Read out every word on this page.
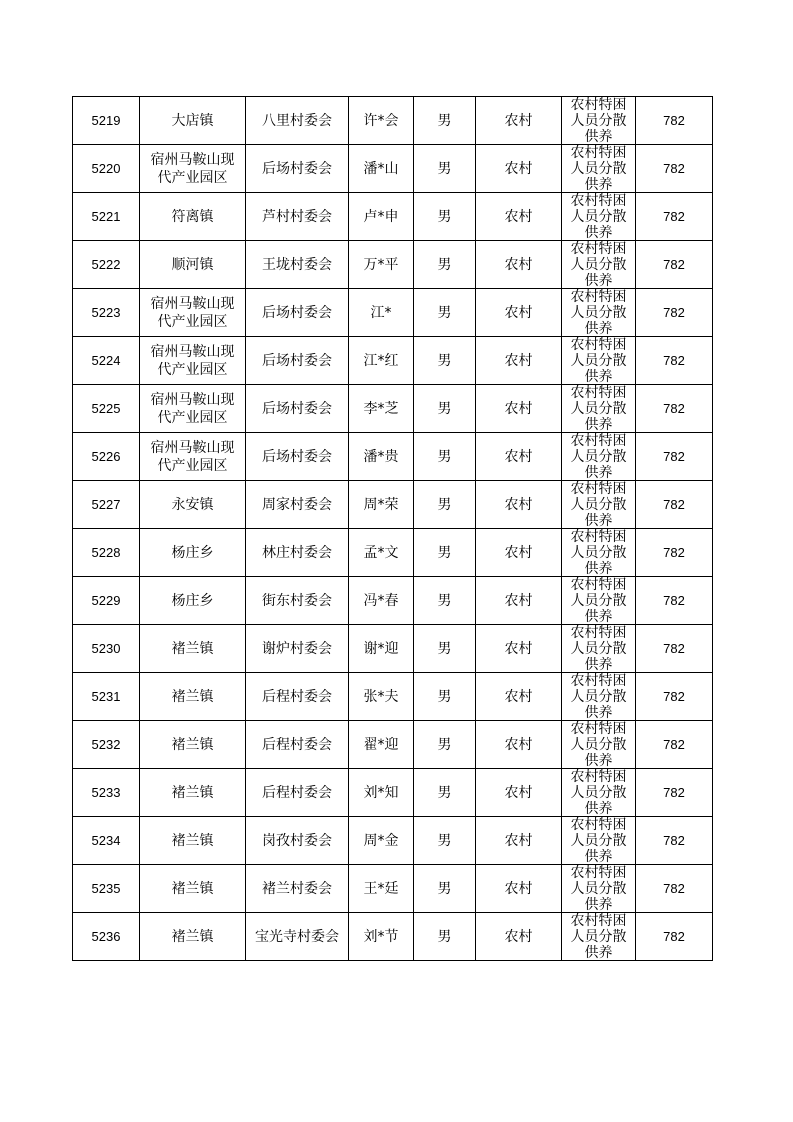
5219	大店镇	八里村委会	许*会	男	农村	农村特困人员分散供养	782
5220	宿州马鞍山现代产业园区	后场村委会	潘*山	男	农村	农村特困人员分散供养	782
5221	符离镇	芦村村委会	卢*申	男	农村	农村特困人员分散供养	782
5222	顺河镇	王垅村委会	万*平	男	农村	农村特困人员分散供养	782
5223	宿州马鞍山现代产业园区	后场村委会	江*	男	农村	农村特困人员分散供养	782
5224	宿州马鞍山现代产业园区	后场村委会	江*红	男	农村	农村特困人员分散供养	782
5225	宿州马鞍山现代产业园区	后场村委会	李*芝	男	农村	农村特困人员分散供养	782
5226	宿州马鞍山现代产业园区	后场村委会	潘*贵	男	农村	农村特困人员分散供养	782
5227	永安镇	周家村委会	周*荣	男	农村	农村特困人员分散供养	782
5228	杨庄乡	林庄村委会	孟*文	男	农村	农村特困人员分散供养	782
5229	杨庄乡	街东村委会	冯*春	男	农村	农村特困人员分散供养	782
5230	褚兰镇	谢炉村委会	谢*迎	男	农村	农村特困人员分散供养	782
5231	褚兰镇	后程村委会	张*夫	男	农村	农村特困人员分散供养	782
5232	褚兰镇	后程村委会	翟*迎	男	农村	农村特困人员分散供养	782
5233	褚兰镇	后程村委会	刘*知	男	农村	农村特困人员分散供养	782
5234	褚兰镇	岗孜村委会	周*金	男	农村	农村特困人员分散供养	782
5235	褚兰镇	褚兰村委会	王*廷	男	农村	农村特困人员分散供养	782
5236	褚兰镇	宝光寺村委会	刘*节	男	农村	农村特困人员分散供养	782
